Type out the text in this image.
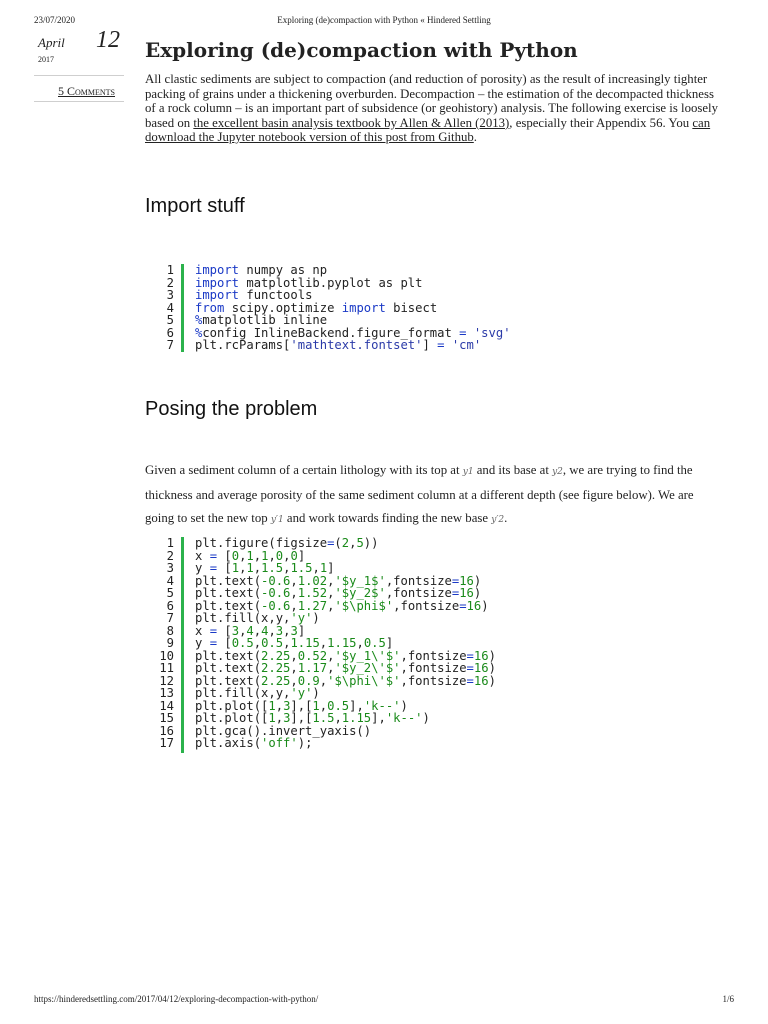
23/07/2020	Exploring (de)compaction with Python « Hindered Settling
April 12
2017
5 Comments
Exploring (de)compaction with Python

All clastic sediments are subject to compaction (and reduction of porosity) as the result of increasingly tighter packing of grains under a thickening overburden. Decompaction – the estimation of the decompacted thickness of a rock column – is an important part of subsidence (or geohistory) analysis. The following exercise is loosely based on the excellent basin analysis textbook by Allen & Allen (2013), especially their Appendix 56. You can download the Jupyter notebook version of this post from Github.

Import stuff
1
2
3
4
5
6
7
import numpy as np
import matplotlib.pyplot as plt
import functools
from scipy.optimize import bisect
%matplotlib inline
%config InlineBackend.figure_format = 'svg'
plt.rcParams['mathtext.fontset'] = 'cm'
Posing the problem

Given a sediment column of a certain lithology with its top at y1 and its base at y2, we are trying to find the thickness and average porosity of the same sediment column at a different depth (see figure below). We are going to set the new top y′1 and work towards finding the new base y′2.

1
2
3
4
5
6
7
8
9
10
11
12
13
14
15
16
17
plt.figure(figsize=(2,5))
x = [0,1,1,0,0]
y = [1,1,1.5,1.5,1]
plt.text(-0.6,1.02,'$y_1$',fontsize=16)
plt.text(-0.6,1.52,'$y_2$',fontsize=16)
plt.text(-0.6,1.27,'$\phi$',fontsize=16)
plt.fill(x,y,'y')
x = [3,4,4,3,3]
y = [0.5,0.5,1.15,1.15,0.5]
plt.text(2.25,0.52,'$y_1\'$',fontsize=16)
plt.text(2.25,1.17,'$y_2\'$',fontsize=16)
plt.text(2.25,0.9,'$\phi\'$',fontsize=16)
plt.fill(x,y,'y')
plt.plot([1,3],[1,0.5],'k--')
plt.plot([1,3],[1.5,1.15],'k--')
plt.gca().invert_yaxis()
plt.axis('off');
https://hinderedsettling.com/2017/04/12/exploring-decompaction-with-python/	1/6
